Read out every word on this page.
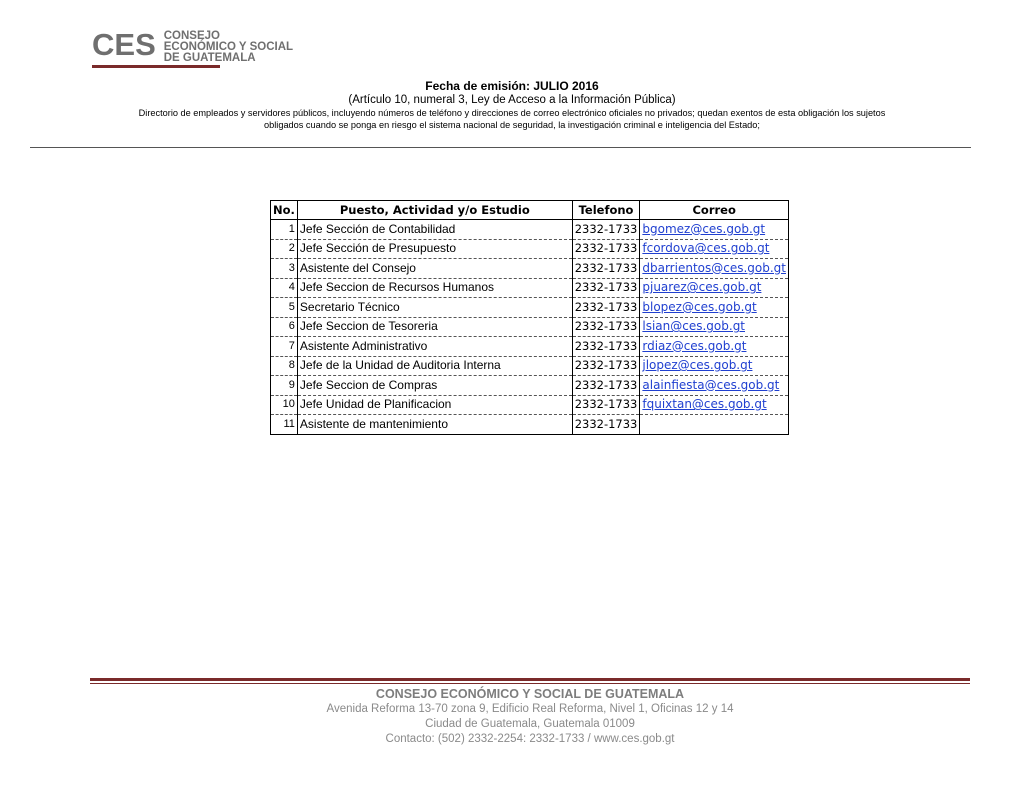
CES CONSEJO
ECONÓMICO Y SOCIAL
DE GUATEMALA
Fecha de emisión: JULIO 2016
(Artículo 10, numeral 3, Ley de Acceso a la Información Pública)
Directorio de empleados y servidores públicos, incluyendo números de teléfono y direcciones de correo electrónico oficiales no privados; quedan exentos de esta obligación los sujetos
obligados cuando se ponga en riesgo el sistema nacional de seguridad, la investigación criminal e inteligencia del Estado;
No.	Puesto, Actividad y/o Estudio	Telefono	Correo
1	Jefe Sección de Contabilidad	2332-1733	bgomez@ces.gob.gt
2	Jefe Sección de Presupuesto	2332-1733	fcordova@ces.gob.gt
3	Asistente del Consejo	2332-1733	dbarrientos@ces.gob.gt
4	Jefe Seccion de Recursos Humanos	2332-1733	pjuarez@ces.gob.gt
5	Secretario Técnico	2332-1733	blopez@ces.gob.gt
6	Jefe Seccion de Tesoreria	2332-1733	lsian@ces.gob.gt
7	Asistente Administrativo	2332-1733	rdiaz@ces.gob.gt
8	Jefe de la Unidad de Auditoria Interna	2332-1733	jlopez@ces.gob.gt
9	Jefe Seccion de Compras	2332-1733	alainfiesta@ces.gob.gt
10	Jefe Unidad de Planificacion	2332-1733	fquixtan@ces.gob.gt
11	Asistente de mantenimiento	2332-1733	
CONSEJO ECONÓMICO Y SOCIAL DE GUATEMALA
Avenida Reforma 13-70 zona 9, Edificio Real Reforma, Nivel 1, Oficinas 12 y 14
Ciudad de Guatemala, Guatemala 01009
Contacto: (502) 2332-2254: 2332-1733 / www.ces.gob.gt
